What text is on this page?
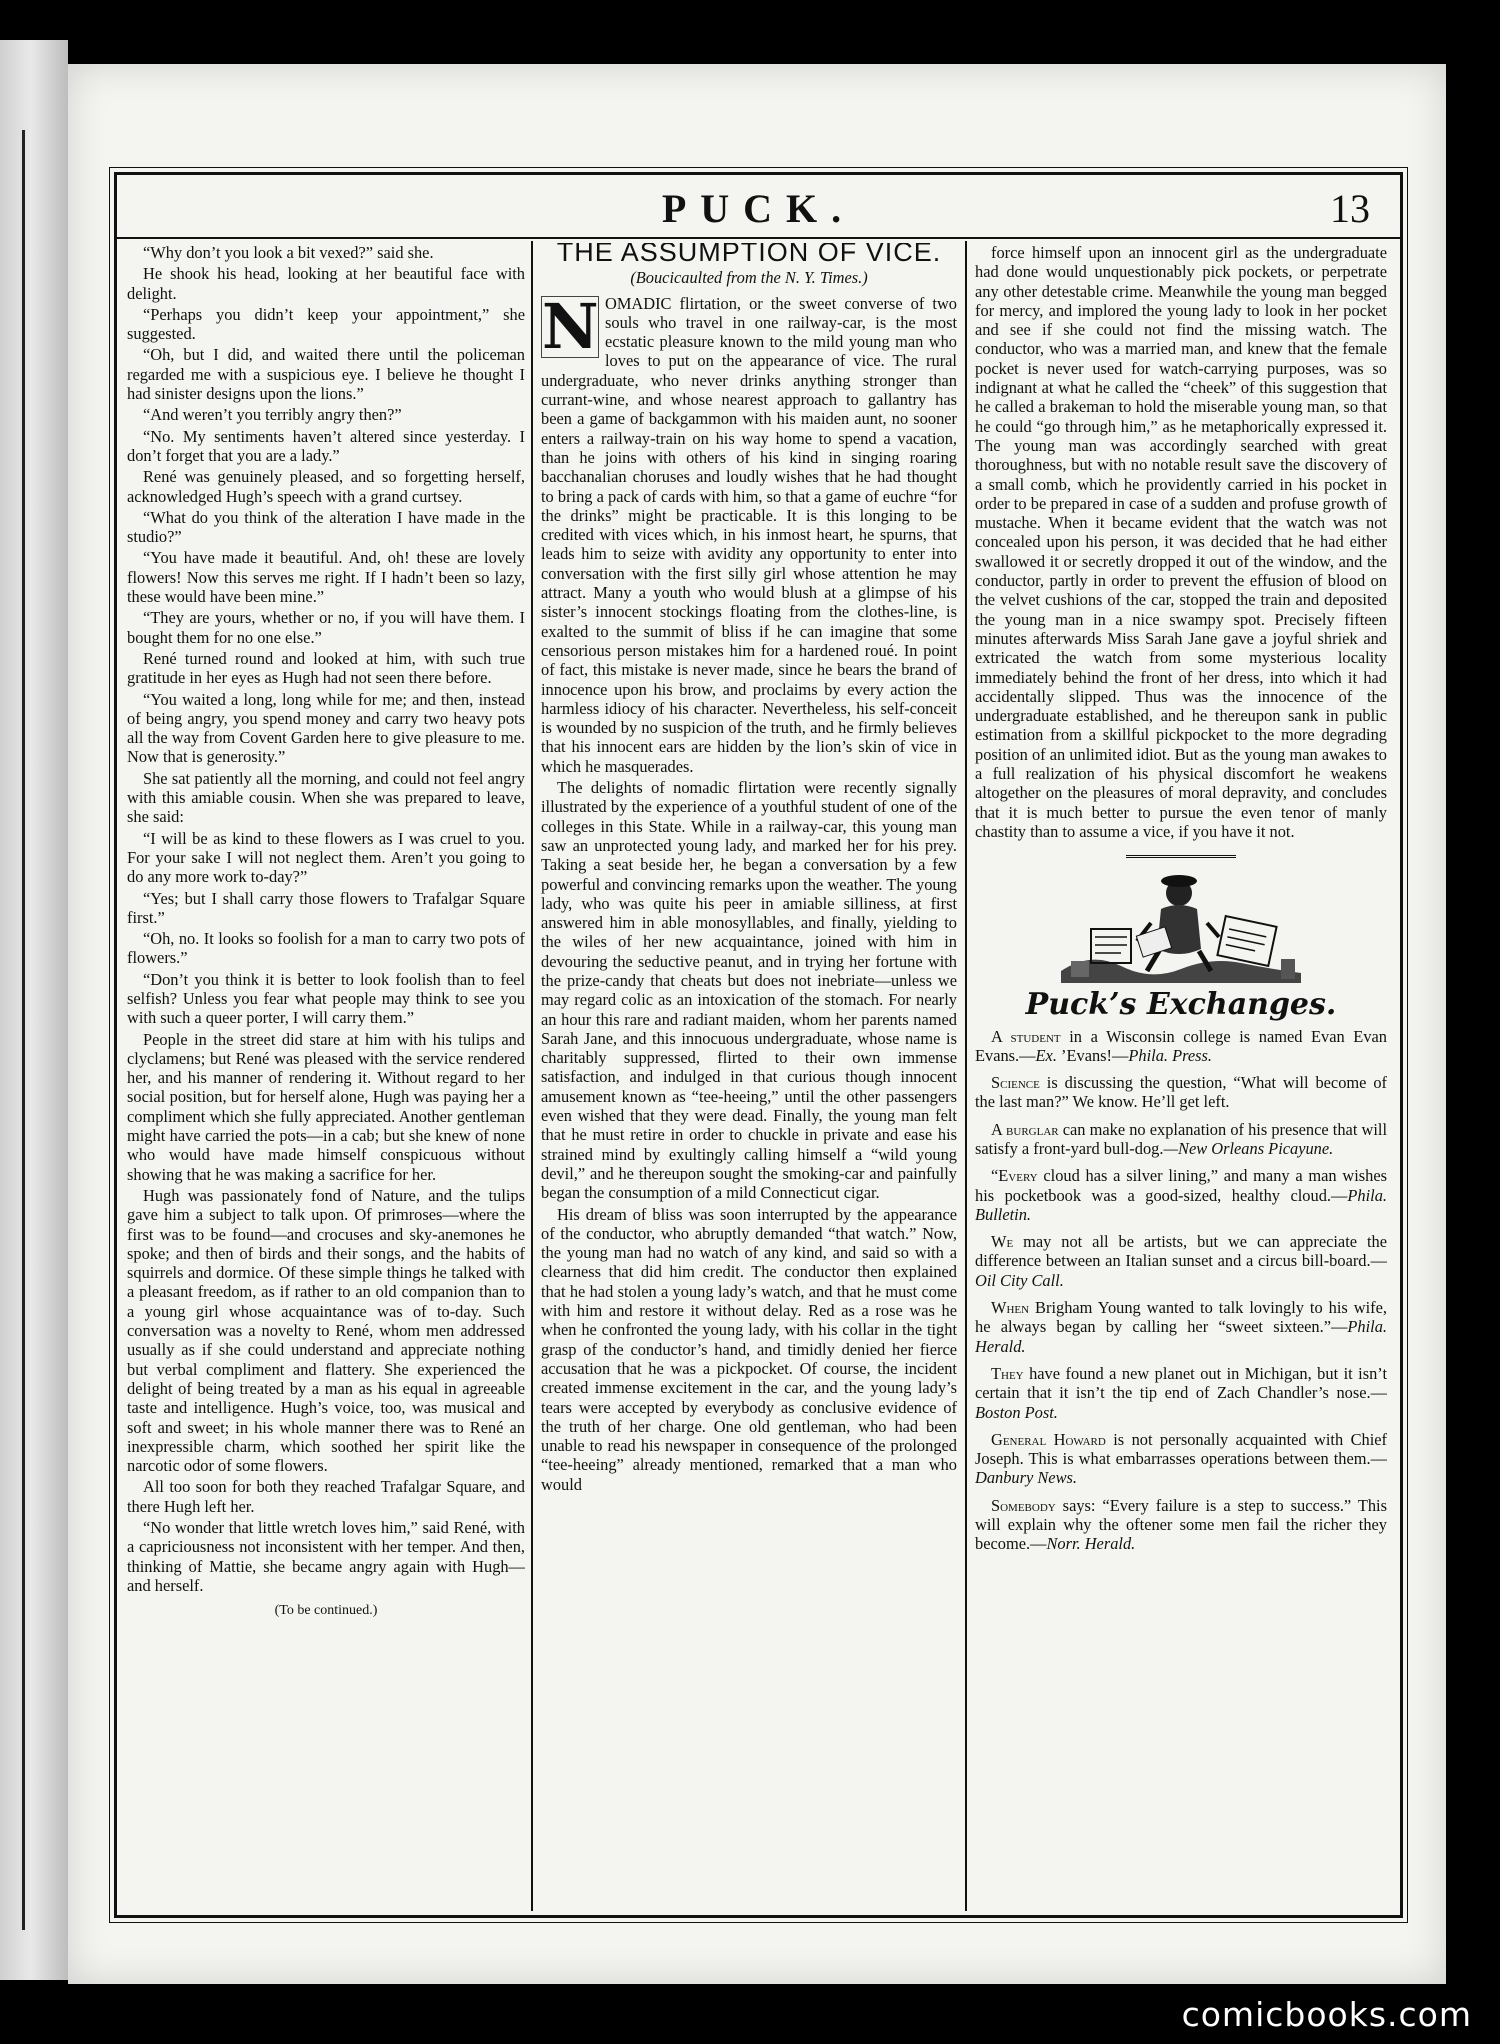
PUCK.	13

“Why don’t you look a bit vexed?” said she.

He shook his head, looking at her beautiful face with delight.

“Perhaps you didn’t keep your appointment,” she suggested.

“Oh, but I did, and waited there until the policeman regarded me with a suspicious eye. I believe he thought I had sinister designs upon the lions.”

“And weren’t you terribly angry then?”

“No. My sentiments haven’t altered since yesterday. I don’t forget that you are a lady.”

René was genuinely pleased, and so forgetting herself, acknowledged Hugh’s speech with a grand curtsey.

“What do you think of the alteration I have made in the studio?”

“You have made it beautiful. And, oh! these are lovely flowers! Now this serves me right. If I hadn’t been so lazy, these would have been mine.”

“They are yours, whether or no, if you will have them. I bought them for no one else.”

René turned round and looked at him, with such true gratitude in her eyes as Hugh had not seen there before.

“You waited a long, long while for me; and then, instead of being angry, you spend money and carry two heavy pots all the way from Covent Garden here to give pleasure to me. Now that is generosity.”

She sat patiently all the morning, and could not feel angry with this amiable cousin. When she was prepared to leave, she said:

“I will be as kind to these flowers as I was cruel to you. For your sake I will not neglect them. Aren’t you going to do any more work to-day?”

“Yes; but I shall carry those flowers to Trafalgar Square first.”

“Oh, no. It looks so foolish for a man to carry two pots of flowers.”

“Don’t you think it is better to look foolish than to feel selfish? Unless you fear what people may think to see you with such a queer porter, I will carry them.”

People in the street did stare at him with his tulips and clyclamens; but René was pleased with the service rendered her, and his manner of rendering it. Without regard to her social position, but for herself alone, Hugh was paying her a compliment which she fully appreciated. Another gentleman might have carried the pots—in a cab; but she knew of none who would have made himself conspicuous without showing that he was making a sacrifice for her.

Hugh was passionately fond of Nature, and the tulips gave him a subject to talk upon. Of primroses—where the first was to be found—and crocuses and sky-anemones he spoke; and then of birds and their songs, and the habits of squirrels and dormice. Of these simple things he talked with a pleasant freedom, as if rather to an old companion than to a young girl whose acquaintance was of to-day. Such conversation was a novelty to René, whom men addressed usually as if she could understand and appreciate nothing but verbal compliment and flattery. She experienced the delight of being treated by a man as his equal in agreeable taste and intelligence. Hugh’s voice, too, was musical and soft and sweet; in his whole manner there was to René an inexpressible charm, which soothed her spirit like the narcotic odor of some flowers.

All too soon for both they reached Trafalgar Square, and there Hugh left her.

“No wonder that little wretch loves him,” said René, with a capriciousness not inconsistent with her temper. And then, thinking of Mattie, she became angry again with Hugh—and herself.

(To be continued.)
THE ASSUMPTION OF VICE.
(Boucicaulted from the N. Y. Times.)

N OMADIC flirtation, or the sweet converse of two souls who travel in one railway-car, is the most ecstatic pleasure known to the mild young man who loves to put on the appearance of vice. The rural undergraduate, who never drinks anything stronger than currant-wine, and whose nearest approach to gallantry has been a game of backgammon with his maiden aunt, no sooner enters a railway-train on his way home to spend a vacation, than he joins with others of his kind in singing roaring bacchanalian choruses and loudly wishes that he had thought to bring a pack of cards with him, so that a game of euchre “for the drinks” might be practicable. It is this longing to be credited with vices which, in his inmost heart, he spurns, that leads him to seize with avidity any opportunity to enter into conversation with the first silly girl whose attention he may attract. Many a youth who would blush at a glimpse of his sister’s innocent stockings floating from the clothes-line, is exalted to the summit of bliss if he can imagine that some censorious person mistakes him for a hardened roué. In point of fact, this mistake is never made, since he bears the brand of innocence upon his brow, and proclaims by every action the harmless idiocy of his character. Nevertheless, his self-conceit is wounded by no suspicion of the truth, and he firmly believes that his innocent ears are hidden by the lion’s skin of vice in which he masquerades.

The delights of nomadic flirtation were recently signally illustrated by the experience of a youthful student of one of the colleges in this State. While in a railway-car, this young man saw an unprotected young lady, and marked her for his prey. Taking a seat beside her, he began a conversation by a few powerful and convincing remarks upon the weather. The young lady, who was quite his peer in amiable silliness, at first answered him in able monosyllables, and finally, yielding to the wiles of her new acquaintance, joined with him in devouring the seductive peanut, and in trying her fortune with the prize-candy that cheats but does not inebriate—unless we may regard colic as an intoxication of the stomach. For nearly an hour this rare and radiant maiden, whom her parents named Sarah Jane, and this innocuous undergraduate, whose name is charitably suppressed, flirted to their own immense satisfaction, and indulged in that curious though innocent amusement known as “tee-heeing,” until the other passengers even wished that they were dead. Finally, the young man felt that he must retire in order to chuckle in private and ease his strained mind by exultingly calling himself a “wild young devil,” and he thereupon sought the smoking-car and painfully began the consumption of a mild Connecticut cigar.

His dream of bliss was soon interrupted by the appearance of the conductor, who abruptly demanded “that watch.” Now, the young man had no watch of any kind, and said so with a clearness that did him credit. The conductor then explained that he had stolen a young lady’s watch, and that he must come with him and restore it without delay. Red as a rose was he when he confronted the young lady, with his collar in the tight grasp of the conductor’s hand, and timidly denied her fierce accusation that he was a pickpocket. Of course, the incident created immense excitement in the car, and the young lady’s tears were accepted by everybody as conclusive evidence of the truth of her charge. One old gentleman, who had been unable to read his newspaper in consequence of the prolonged “tee-heeing” already mentioned, remarked that a man who would

force himself upon an innocent girl as the undergraduate had done would unquestionably pick pockets, or perpetrate any other detestable crime. Meanwhile the young man begged for mercy, and implored the young lady to look in her pocket and see if she could not find the missing watch. The conductor, who was a married man, and knew that the female pocket is never used for watch-carrying purposes, was so indignant at what he called the “cheek” of this suggestion that he called a brakeman to hold the miserable young man, so that he could “go through him,” as he metaphorically expressed it. The young man was accordingly searched with great thoroughness, but with no notable result save the discovery of a small comb, which he providently carried in his pocket in order to be prepared in case of a sudden and profuse growth of mustache. When it became evident that the watch was not concealed upon his person, it was decided that he had either swallowed it or secretly dropped it out of the window, and the conductor, partly in order to prevent the effusion of blood on the velvet cushions of the car, stopped the train and deposited the young man in a nice swampy spot. Precisely fifteen minutes afterwards Miss Sarah Jane gave a joyful shriek and extricated the watch from some mysterious locality immediately behind the front of her dress, into which it had accidentally slipped. Thus was the innocence of the undergraduate established, and he thereupon sank in public estimation from a skillful pickpocket to the more degrading position of an unlimited idiot. But as the young man awakes to a full realization of his physical discomfort he weakens altogether on the pleasures of moral depravity, and concludes that it is much better to pursue the even tenor of manly chastity than to assume a vice, if you have it not.

Puck’s Exchanges.

A student in a Wisconsin college is named Evan Evan Evans.—Ex. ’Evans!—Phila. Press.

Science is discussing the question, “What will become of the last man?” We know. He’ll get left.

A burglar can make no explanation of his presence that will satisfy a front-yard bull-dog.—New Orleans Picayune.

“Every cloud has a silver lining,” and many a man wishes his pocketbook was a good-sized, healthy cloud.—Phila. Bulletin.

We may not all be artists, but we can appreciate the difference between an Italian sunset and a circus bill-board.—Oil City Call.

When Brigham Young wanted to talk lovingly to his wife, he always began by calling her “sweet sixteen.”—Phila. Herald.

They have found a new planet out in Michigan, but it isn’t certain that it isn’t the tip end of Zach Chandler’s nose.—Boston Post.

General Howard is not personally acquainted with Chief Joseph. This is what embarrasses operations between them.—Danbury News.

Somebody says: “Every failure is a step to success.” This will explain why the oftener some men fail the richer they become.—Norr. Herald.

comicbooks.com
